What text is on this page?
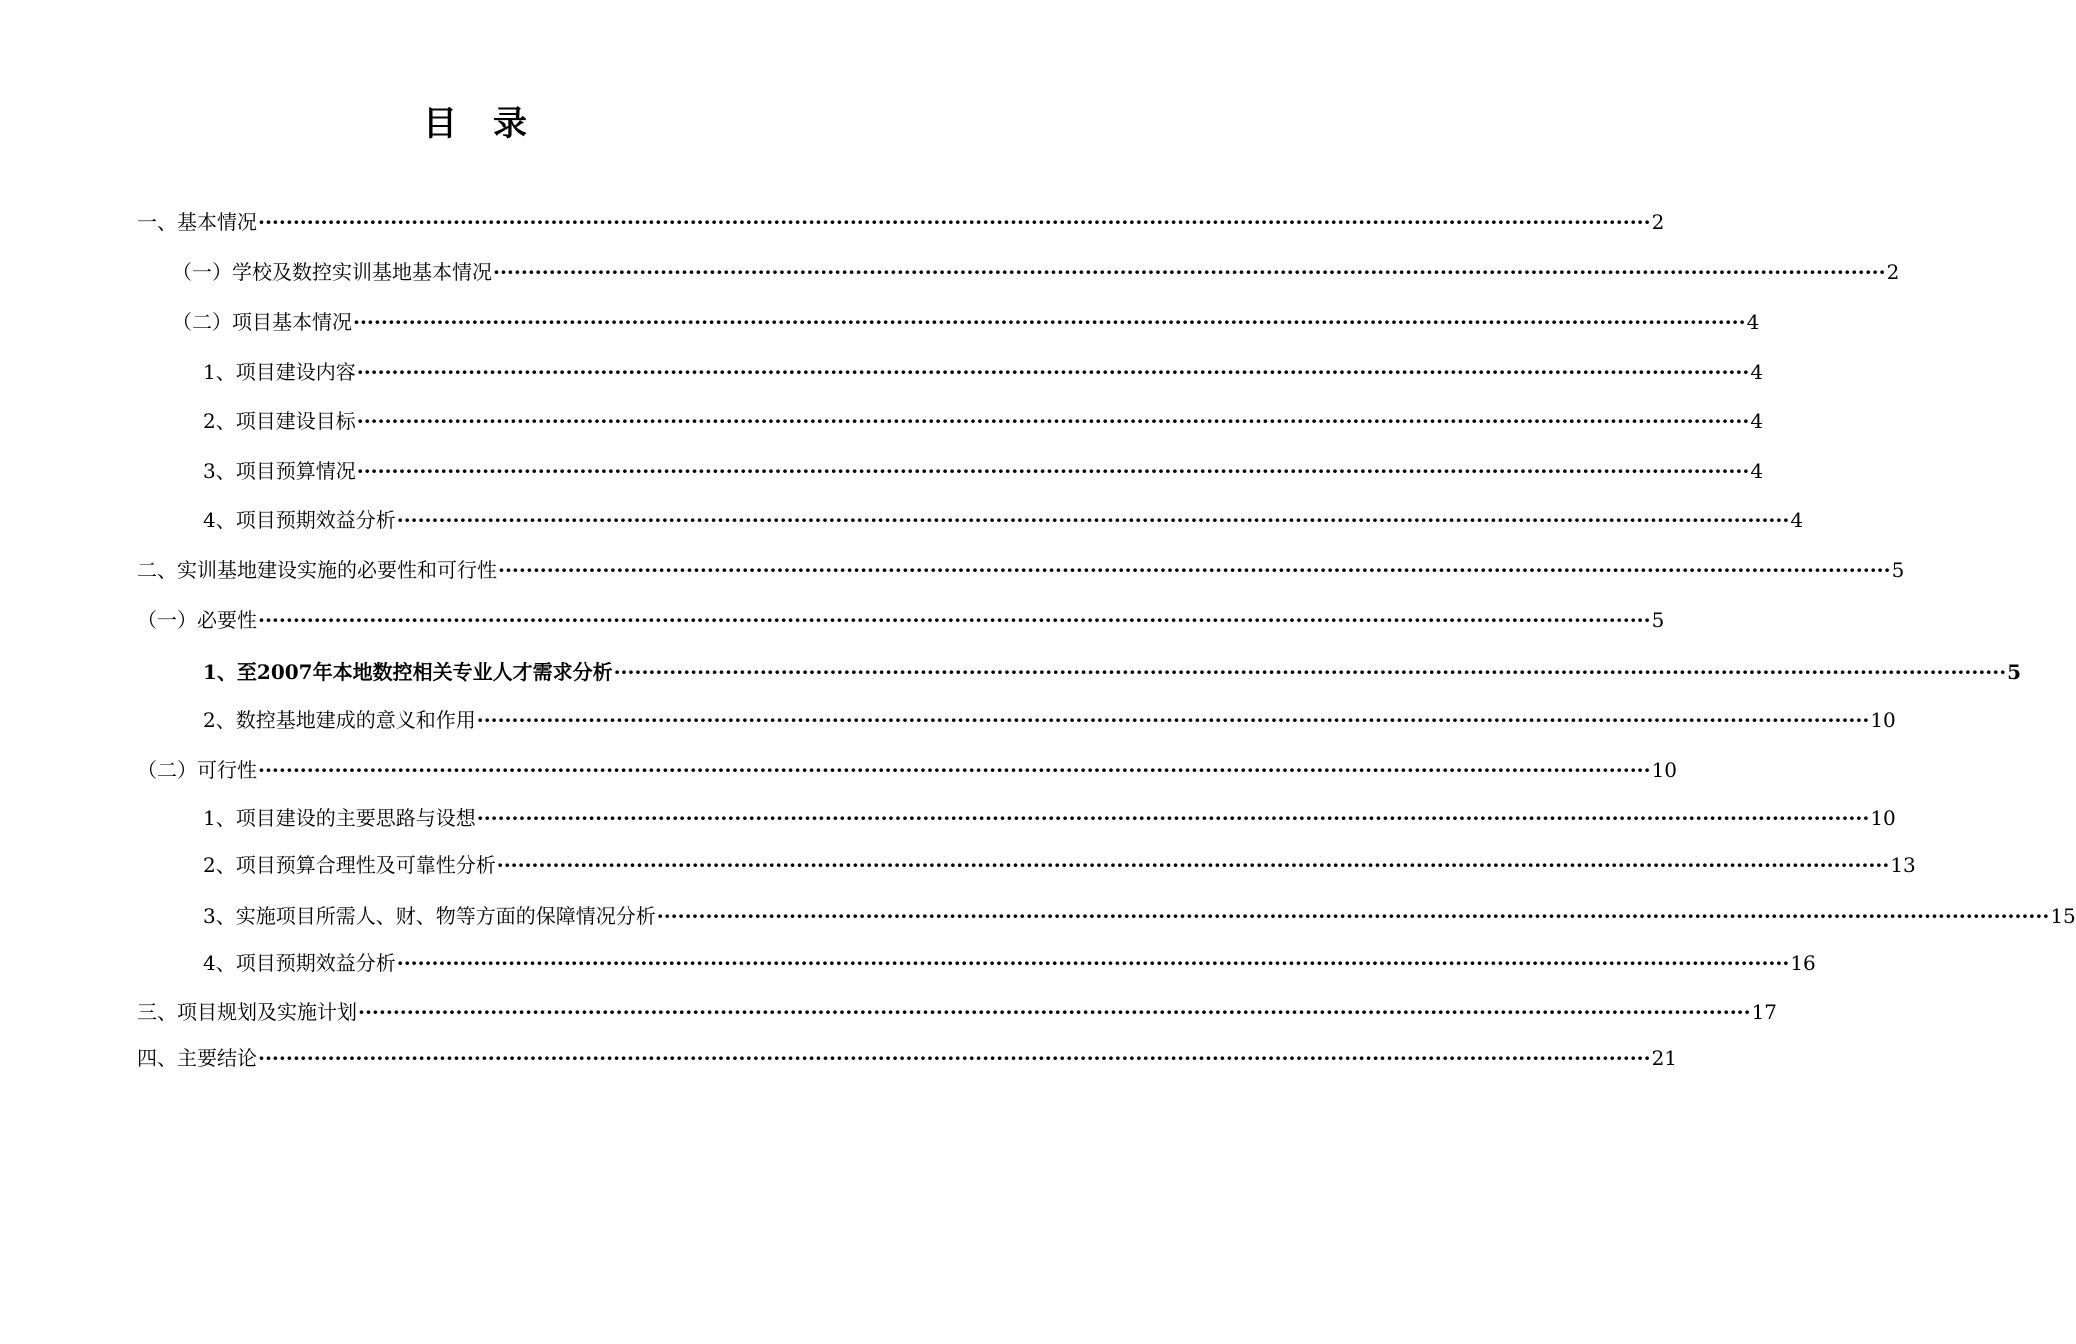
目录
一、基本情况 ········································································································································································································ 2
（一）学校及数控实训基地基本情况 ········································································································································································································ 2
（二）项目基本情况 ········································································································································································································ 4
1、 项目建设内容 ········································································································································································································ 4
2、 项目建设目标 ········································································································································································································ 4
3、 项目预算情况 ········································································································································································································ 4
4、 项目预期效益分析 ········································································································································································································ 4
二、实训基地建设实施的必要性和可行性 ········································································································································································································ 5
（一）必要性 ········································································································································································································ 5
1、至2007年本地数控相关专业人才需求分析 ········································································································································································································ 5
2、数控基地建成的意义和作用 ········································································································································································································ 10
（二）可行性 ········································································································································································································ 10
1、项目建设的主要思路与设想 ········································································································································································································ 10
2、项目预算合理性及可靠性分析 ········································································································································································································ 13
3、实施项目所需人、财、物等方面的保障情况分析 ········································································································································································································ 15
4、项目预期效益分析 ········································································································································································································ 16
三、项目规划及实施计划 ········································································································································································································ 17
四、主要结论 ········································································································································································································ 21
